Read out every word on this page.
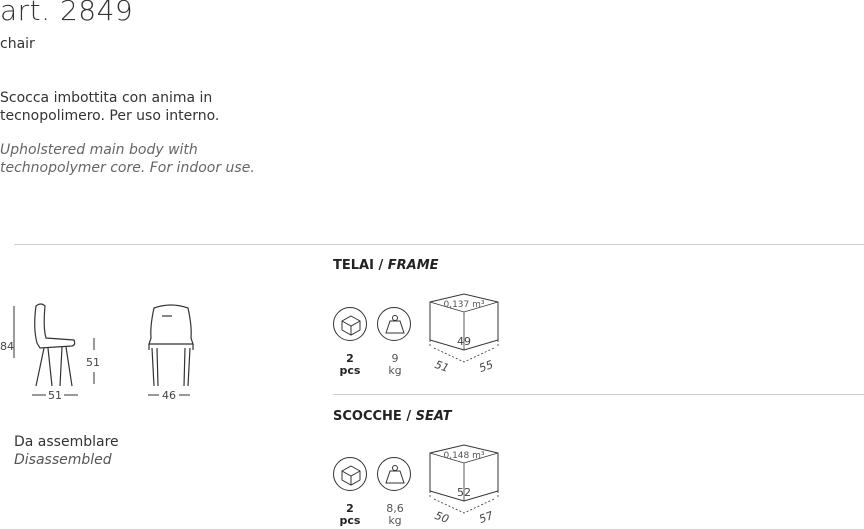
art. 2849
chair
Scocca imbottita con anima in
tecnopolimero. Per uso interno.
Upholstered main body with
technopolymer core. For indoor use.
84
51
51	46
Da assemblare
Disassembled
TELAI / FRAME
2
pcs
9
kg
0,137 m³
49
51 55
SCOCCHE / SEAT
2
pcs
8,6
kg
0,148 m³
52
50 57
